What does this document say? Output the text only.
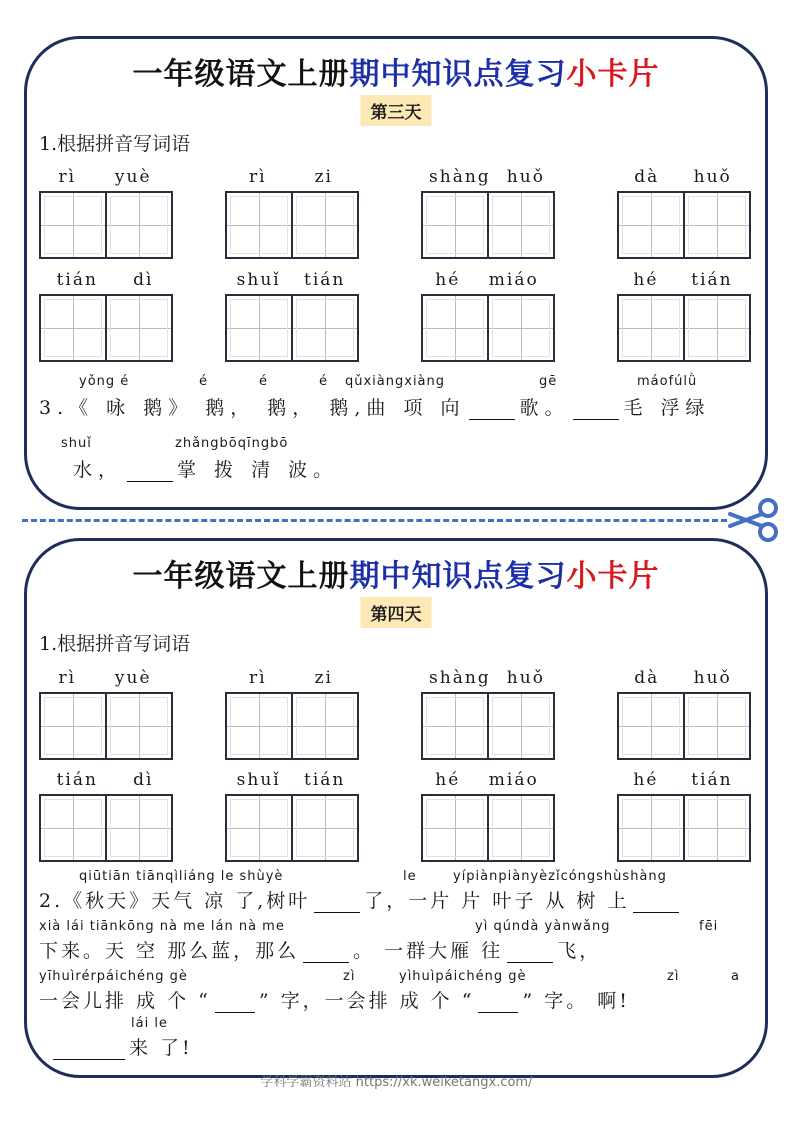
一年级语文上册期中知识点复习小卡片
第三天
1.根据拼音写词语
rì yuè	rì	zi	shàng huǒ	dà huǒ
tián dì	shuǐ tián	hé miáo	hé tián
yǒng é	é	é	é qǔxiàngxiàng	gē	máofúlǜ
3.《 咏 鹅》 鹅， 鹅， 鹅,曲 项 向	歌。	毛 浮绿
shuǐ	zhǎngbōqīngbō
水，	掌 拨 清 波。
一年级语文上册期中知识点复习小卡片
第四天
1.根据拼音写词语
rì yuè	rì	zi	shàng huǒ	dà huǒ
tián dì	shuǐ tián	hé miáo	hé tián
qiūtiān tiānqìliáng le shùyè	le	yípiànpiànyèzǐcóngshùshàng
2.《秋天》天气 凉 了,树叶	了，一片 片 叶子 从 树 上
xià lái tiānkōng nà me lán nà me	yì qúndà yànwǎng	fēi
下来。天 空 那么蓝，那么	。 一群大雁 往	飞，
yīhuìrérpáichéng gè	zì	yìhuìpáichéng gè	zì	a
一会儿排 成 个 “	” 字，一会排 成 个 “	” 字。 啊!
lái le
来 了!
学科学霸资料站 https://xk.weiketangx.com/
